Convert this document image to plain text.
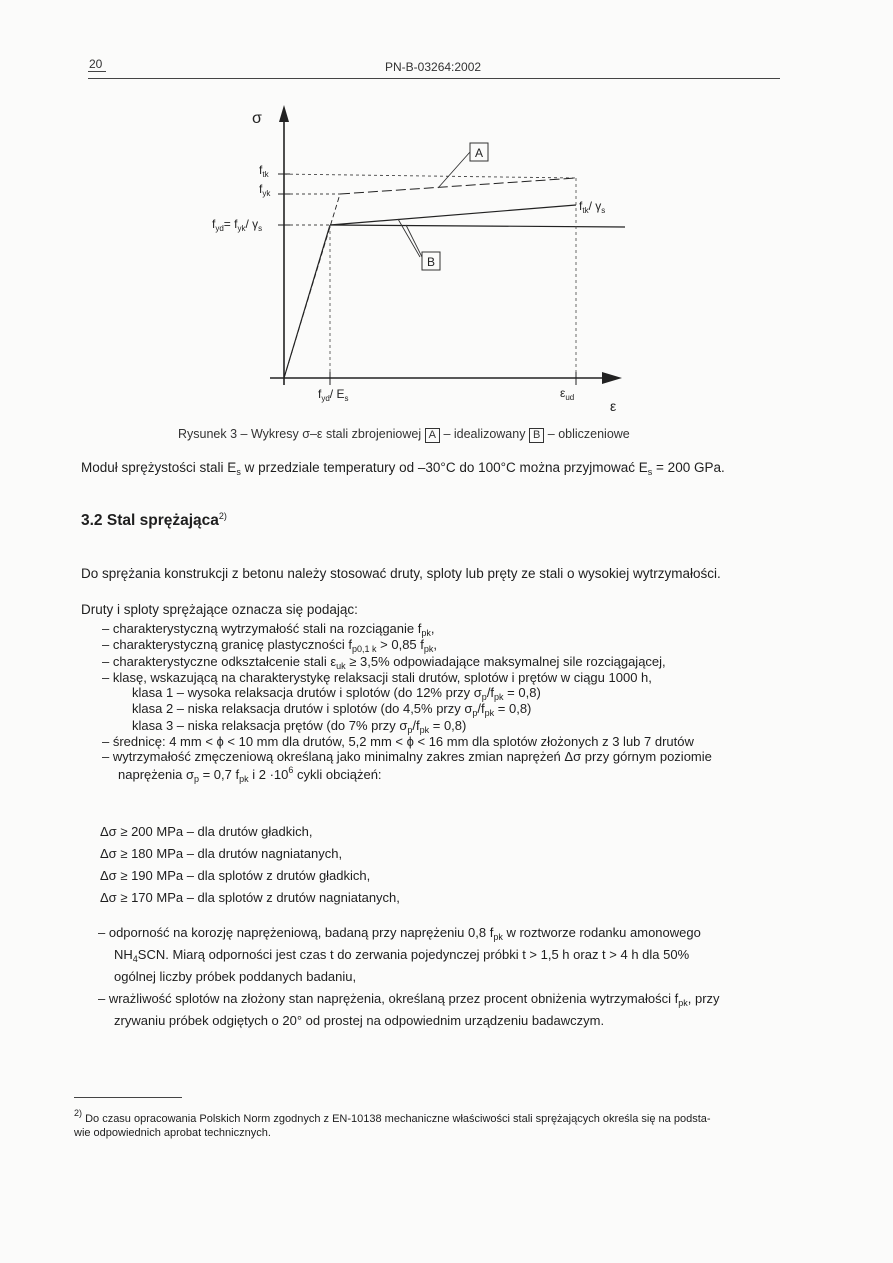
20	PN-B-03264:2002
A
B
σ
ε
$f_{tk}$
$f_{yk}$
$f_{yd}= f_{yk}/$ $\gamma_s$
$f_{tk}/$ $\gamma_s$
$f_{yd}/$ $E_s$	$\varepsilon_{ud}$
Rysunek 3 – Wykresy σ–ε stali zbrojeniowej A – idealizowany B – obliczeniowe
Moduł sprężystości stali $E_s$ w przedziale temperatury od –30°C do 100°C można przyjmować $E_s = 200$ GPa.
3.2 Stal sprężająca$^{2)}$
Do sprężania konstrukcji z betonu należy stosować druty, sploty lub pręty ze stali o wysokiej wytrzymałości.
Druty i sploty sprężające oznacza się podając:
– charakterystyczną wytrzymałość stali na rozciąganie $f_{pk}$,
– charakterystyczną granicę plastyczności $f_{p0,1 k} > 0,85$ $f_{pk}$,
– charakterystyczne odkształcenie stali $\varepsilon_{uk} \ge 3,5\%$ odpowiadające maksymalnej sile rozciągającej,
– klasę, wskazującą na charakterystykę relaksacji stali drutów, splotów i prętów w ciągu 1000 h,
klasa 1 – wysoka relaksacja drutów i splotów (do 12% przy $\sigma_p/f_{pk} = 0,8$)
klasa 2 – niska relaksacja drutów i splotów (do 4,5% przy $\sigma_p/f_{pk} = 0,8$)
klasa 3 – niska relaksacja prętów (do 7% przy $\sigma_p/f_{pk} = 0,8$)
– średnicę: 4 mm < ϕ < 10 mm dla drutów, 5,2 mm < ϕ < 16 mm dla splotów złożonych z 3 lub 7 drutów
– wytrzymałość zmęczeniową określaną jako minimalny zakres zmian naprężeń Δσ przy górnym poziomie
naprężenia $\sigma_p = 0,7$ $f_{pk}$ i $2 \cdot 10^6$ cykli obciążeń:
Δσ ≥ 200 MPa – dla drutów gładkich,
Δσ ≥ 180 MPa – dla drutów nagniatanych,
Δσ ≥ 190 MPa – dla splotów z drutów gładkich,
Δσ ≥ 170 MPa – dla splotów z drutów nagniatanych,
– odporność na korozję naprężeniową, badaną przy naprężeniu 0,8 $f_{pk}$ w roztworze rodanku amonowego
$NH_4SCN$. Miarą odporności jest czas t do zerwania pojedynczej próbki t > 1,5 h oraz t > 4 h dla 50%
ogólnej liczby próbek poddanych badaniu,
– wrażliwość splotów na złożony stan naprężenia, określaną przez procent obniżenia wytrzymałości $f_{pk}$, przy
zrywaniu próbek odgiętych o 20° od prostej na odpowiednim urządzeniu badawczym.
$^{2)}$ Do czasu opracowania Polskich Norm zgodnych z EN-10138 mechaniczne właściwości stali sprężających określa się na podsta-
wie odpowiednich aprobat technicznych.
